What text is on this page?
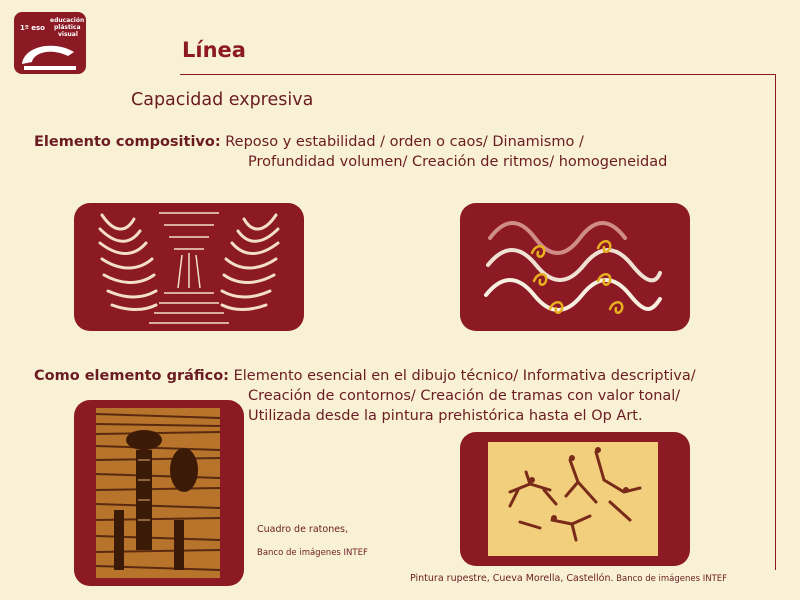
1º eso
educación
plástica
visual
Línea
Capacidad expresiva
Elemento compositivo: Reposo y estabilidad / orden o caos/ Dinamismo /
Profundidad volumen/ Creación de ritmos/ homogeneidad
Como elemento gráfico: Elemento esencial en el dibujo técnico/ Informativa descriptiva/
Creación de contornos/ Creación de tramas con valor tonal/
Utilizada desde la pintura prehistórica hasta el Op Art.
Cuadro de ratones,
Banco de imágenes INTEF
Pintura rupestre, Cueva Morella, Castellón. Banco de imágenes INTEF
